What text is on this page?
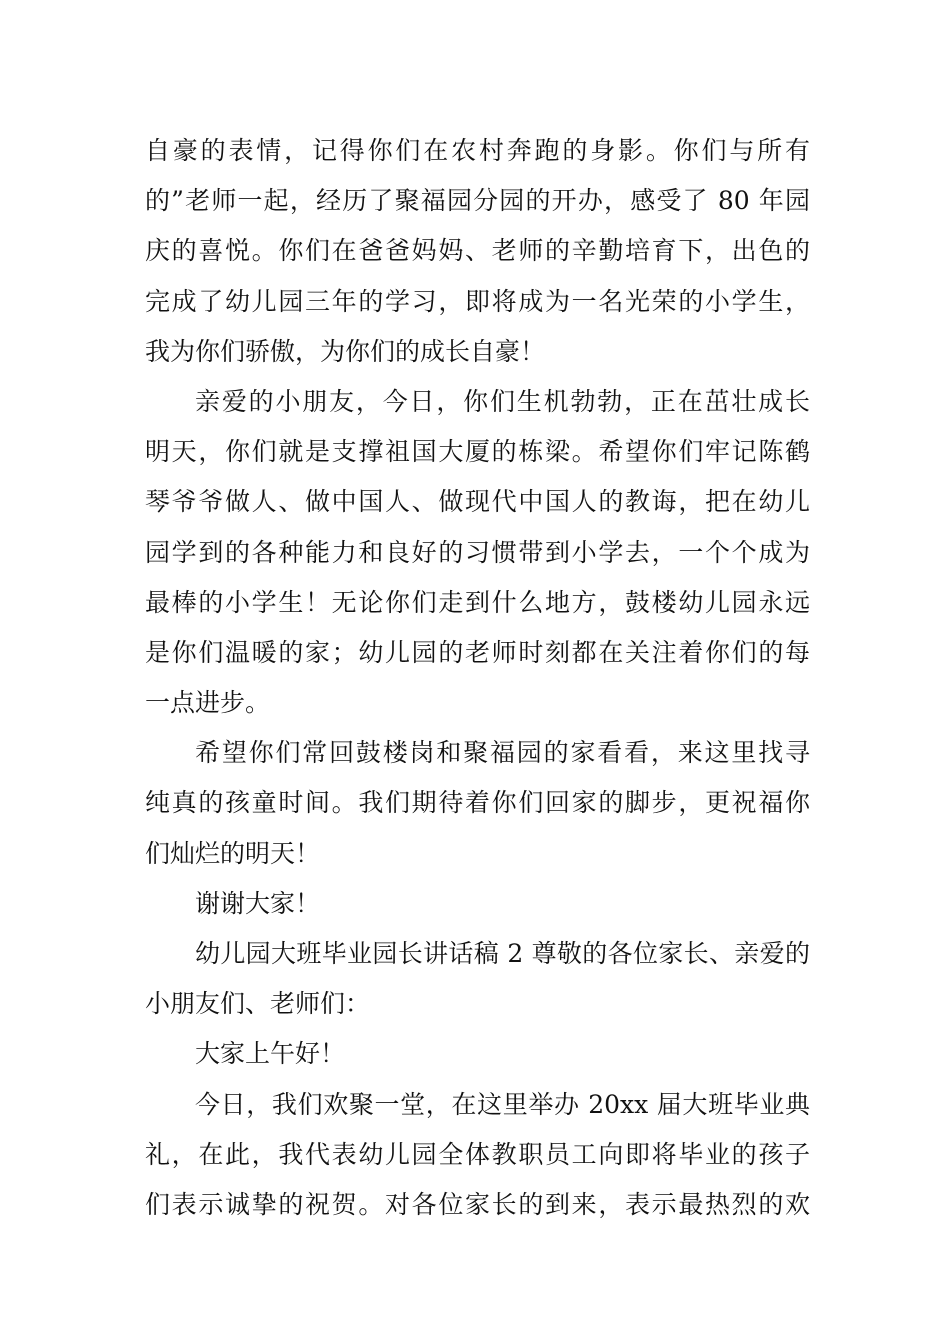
自豪的表情，记得你们在农村奔跑的身影。你们与所有
的”老师一起，经历了聚福园分园的开办，感受了 80 年园
庆的喜悦。你们在爸爸妈妈、老师的辛勤培育下，出色的
完成了幼儿园三年的学习，即将成为一名光荣的小学生，
我为你们骄傲，为你们的成长自豪！
亲爱的小朋友，今日，你们生机勃勃，正在茁壮成长
明天，你们就是支撑祖国大厦的栋梁。希望你们牢记陈鹤
琴爷爷做人、做中国人、做现代中国人的教诲，把在幼儿
园学到的各种能力和良好的习惯带到小学去，一个个成为
最棒的小学生！无论你们走到什么地方，鼓楼幼儿园永远
是你们温暖的家；幼儿园的老师时刻都在关注着你们的每
一点进步。
希望你们常回鼓楼岗和聚福园的家看看，来这里找寻
纯真的孩童时间。我们期待着你们回家的脚步，更祝福你
们灿烂的明天！
谢谢大家！
幼儿园大班毕业园长讲话稿 2 尊敬的各位家长、亲爱的
小朋友们、老师们：
大家上午好！
今日，我们欢聚一堂，在这里举办 20xx 届大班毕业典
礼，在此，我代表幼儿园全体教职员工向即将毕业的孩子
们表示诚挚的祝贺。对各位家长的到来，表示最热烈的欢
